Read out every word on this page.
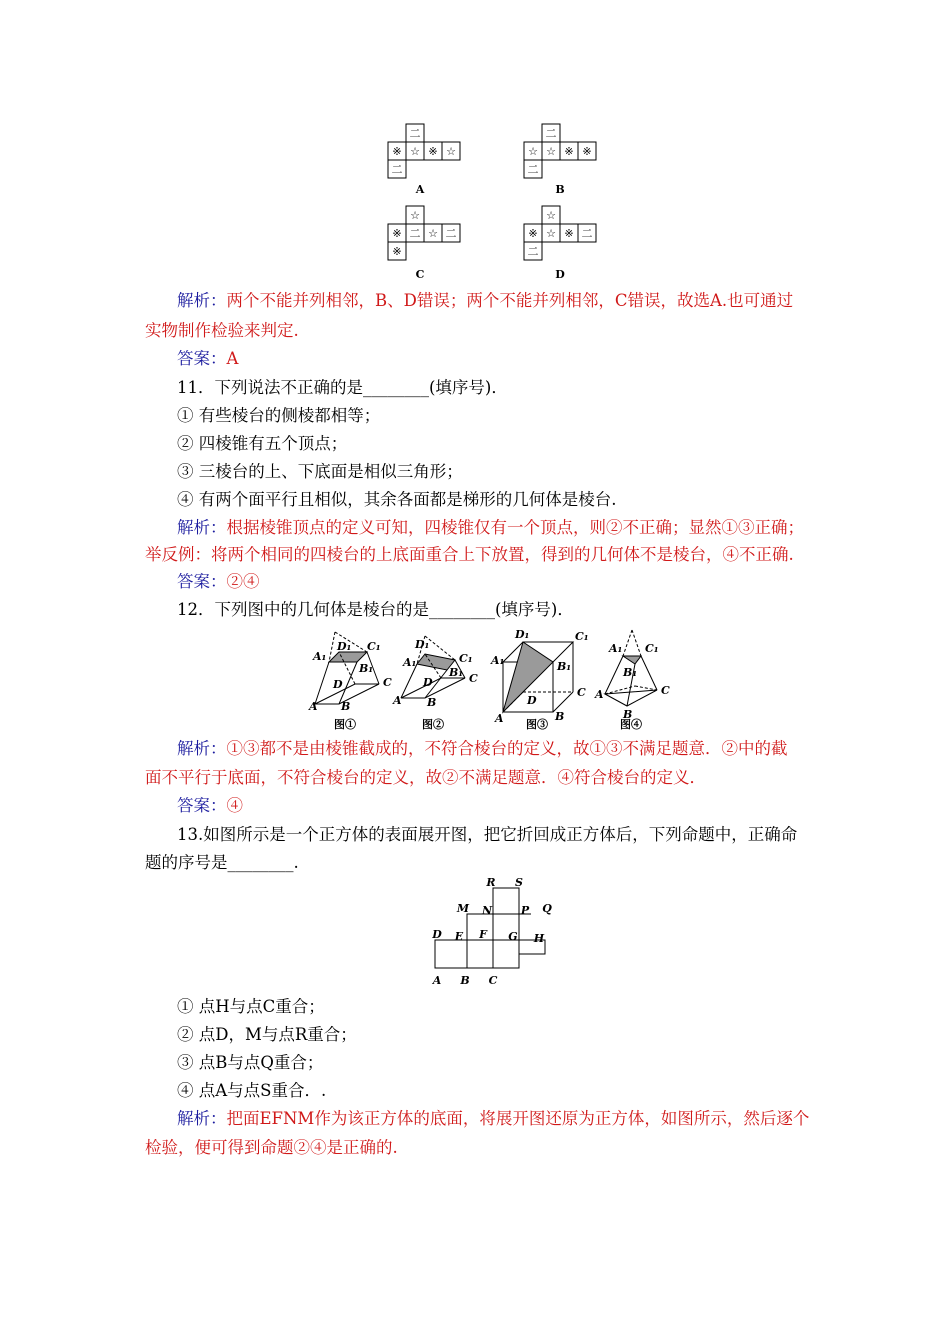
二
※ ☆ ※ ☆
二
二
☆ ☆ ※ ※
二
☆
※ 二 ☆ 二
※
☆
※ ☆ ※ 二
二
A	B
C	D
解析：两个不能并列相邻，B、D错误；两个不能并列相邻，C错误，故选A.也可通过
实物制作检验来判定.
答案：A
11．下列说法不正确的是________(填序号)．
① 有些棱台的侧棱都相等；
② 四棱锥有五个顶点；
③ 三棱台的上、下底面是相似三角形；
④ 有两个面平行且相似，其余各面都是梯形的几何体是棱台.
解析：根据棱锥顶点的定义可知，四棱锥仅有一个顶点，则②不正确；显然①③正确；
举反例：将两个相同的四棱台的上底面重合上下放置，得到的几何体不是棱台，④不正确.
答案：②④
12．下列图中的几何体是棱台的是________(填序号)．
A₁
D₁ C₁
B₁
D	C
A B
A₁
D₁
C₁
B₁
D	C
A B
D₁	C₁
A₁	B₁
D
C
A	B
A₁ C₁
B₁
A	C
B
图①	图②	图③	图④
解析：①③都不是由棱锥截成的，不符合棱台的定义，故①③不满足题意．②中的截
面不平行于底面，不符合棱台的定义，故②不满足题意．④符合棱台的定义．
答案：④
13.如图所示是一个正方体的表面展开图，把它折回成正方体后，下列命题中，正确命
题的序号是________.
R S
M N	P Q
D E F G H
A B C
① 点H与点C重合；
② 点D，M与点R重合；
③ 点B与点Q重合；
④ 点A与点S重合．.
解析：把面EFNM作为该正方体的底面，将展开图还原为正方体，如图所示，然后逐个
检验，便可得到命题②④是正确的.
